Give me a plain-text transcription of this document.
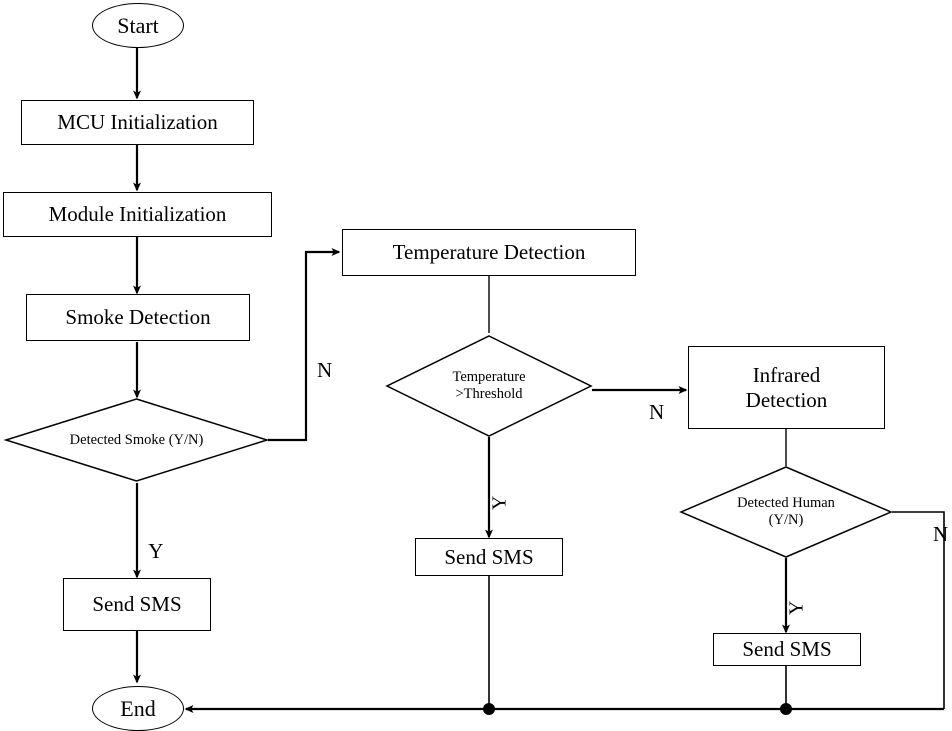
Start
MCU Initialization
Module Initialization
Smoke Detection
Detected Smoke (Y/N)
Send SMS
End
Temperature Detection
Temperature
>Threshold
Send SMS
Infrared
Detection
Detected Human
(Y/N)
Send SMS

N

Y

N

Y

N

Y
